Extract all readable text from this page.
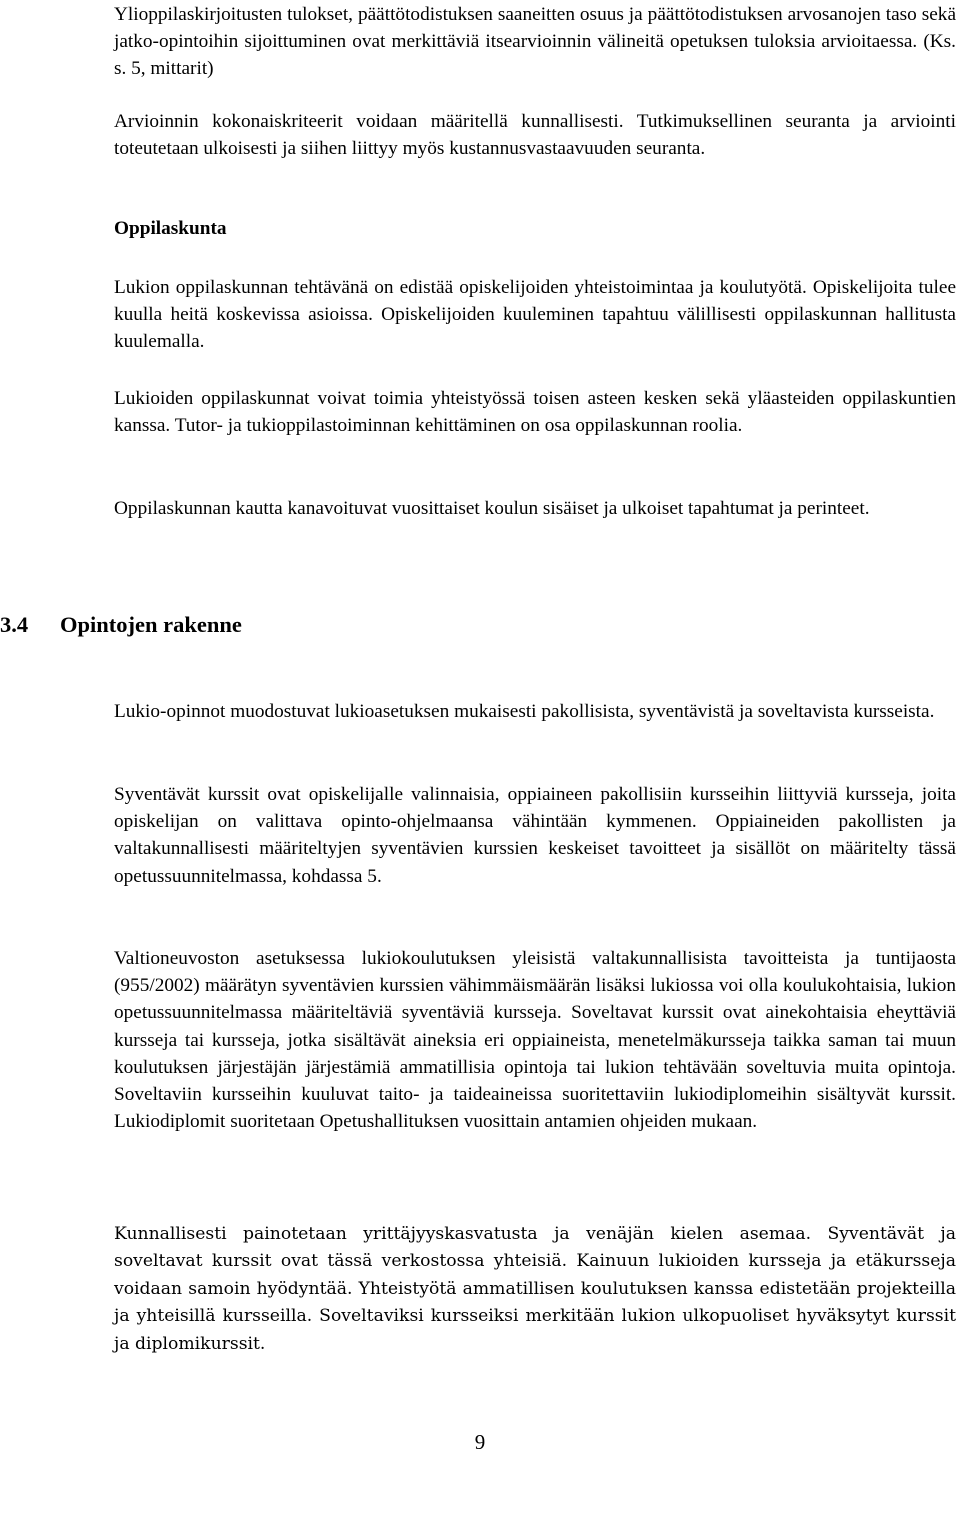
Ylioppilaskirjoitusten tulokset, päättötodistuksen saaneitten osuus ja päättötodistuksen arvosanojen taso sekä jatko-opintoihin sijoittuminen ovat merkittäviä itsearvioinnin välineitä opetuksen tuloksia arvioitaessa. (Ks. s. 5, mittarit)

Arvioinnin kokonaiskriteerit voidaan määritellä kunnallisesti. Tutkimuksellinen seuranta ja arviointi toteutetaan ulkoisesti ja siihen liittyy myös kustannusvastaavuuden seuranta.

Oppilaskunta

Lukion oppilaskunnan tehtävänä on edistää opiskelijoiden yhteistoimintaa ja koulutyötä. Opiskelijoita tulee kuulla heitä koskevissa asioissa. Opiskelijoiden kuuleminen tapahtuu välillisesti oppilaskunnan hallitusta kuulemalla.

Lukioiden oppilaskunnat voivat toimia yhteistyössä toisen asteen kesken sekä yläasteiden oppilaskuntien kanssa. Tutor- ja tukioppilastoiminnan kehittäminen on osa oppilaskunnan roolia.

Oppilaskunnan kautta kanavoituvat vuosittaiset koulun sisäiset ja ulkoiset tapahtumat ja perinteet.

3.4 Opintojen rakenne

Lukio-opinnot muodostuvat lukioasetuksen mukaisesti pakollisista, syventävistä ja soveltavista kursseista.

Syventävät kurssit ovat opiskelijalle valinnaisia, oppiaineen pakollisiin kursseihin liittyviä kursseja, joita opiskelijan on valittava opinto-ohjelmaansa vähintään kymmenen. Oppiaineiden pakollisten ja valtakunnallisesti määriteltyjen syventävien kurssien keskeiset tavoitteet ja sisällöt on määritelty tässä opetussuunnitelmassa, kohdassa 5.

Valtioneuvoston asetuksessa lukiokoulutuksen yleisistä valtakunnallisista tavoitteista ja tuntijaosta (955/2002) määrätyn syventävien kurssien vähimmäismäärän lisäksi lukiossa voi olla koulukohtaisia, lukion opetussuunnitelmassa määriteltäviä syventäviä kursseja. Soveltavat kurssit ovat ainekohtaisia eheyttäviä kursseja tai kursseja, jotka sisältävät aineksia eri oppiaineista, menetelmäkursseja taikka saman tai muun koulutuksen järjestäjän järjestämiä ammatillisia opintoja tai lukion tehtävään soveltuvia muita opintoja. Soveltaviin kursseihin kuuluvat taito- ja taideaineissa suoritettaviin lukiodiplomeihin sisältyvät kurssit. Lukiodiplomit suoritetaan Opetushallituksen vuosittain antamien ohjeiden mukaan.

Kunnallisesti painotetaan yrittäjyyskasvatusta ja venäjän kielen asemaa. Syventävät ja soveltavat kurssit ovat tässä verkostossa yhteisiä. Kainuun lukioiden kursseja ja etäkursseja voidaan samoin hyödyntää. Yhteistyötä ammatillisen koulutuksen kanssa edistetään projekteilla ja yhteisillä kursseilla. Soveltaviksi kursseiksi merkitään lukion ulkopuoliset hyväksytyt kurssit ja diplomikurssit.

9
